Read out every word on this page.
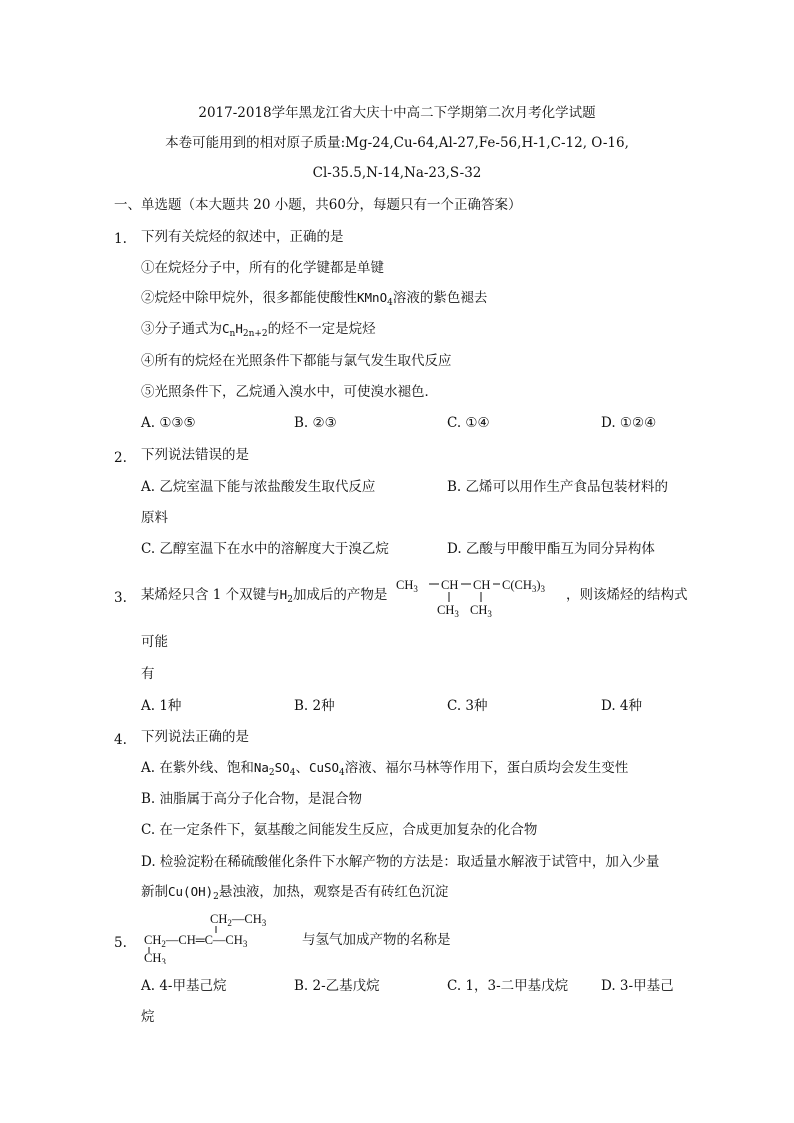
2017-2018学年黑龙江省大庆十中高二下学期第二次月考化学试题
本卷可能用到的相对原子质量:Mg-24,Cu-64,Al-27,Fe-56,H-1,C-12, O-16,
Cl-35.5,N-14,Na-23,S-32
一、单选题（本大题共 20 小题，共60分，每题只有一个正确答案）
1. 下列有关烷烃的叙述中，正确的是
①在烷烃分子中，所有的化学键都是单键
②烷烃中除甲烷外，很多都能使酸性KMnO$_4$溶液的紫色褪去
③分子通式为$C_nH_{2n+2}$的烃不一定是烷烃
④所有的烷烃在光照条件下都能与氯气发生取代反应
⑤光照条件下，乙烷通入溴水中，可使溴水褪色．
A. ①③⑤	B. ②③	C. ①④	D. ①②④
2. 下列说法错误的是
A. 乙烷室温下能与浓盐酸发生取代反应	B. 乙烯可以用作生产食品包装材料的
原料
C. 乙醇室温下在水中的溶解度大于溴乙烷	D. 乙酸与甲酸甲酯互为同分异构体
3. 某烯烃只含 1 个双键与$H_2$加成后的产物是
$CH_3$ CH CH $C(CH_3)_3$
$CH_3$ $CH_3$
，则该烯烃的结构式
可能
有
A. 1种	B. 2种	C. 3种	D. 4种
4. 下列说法正确的是
A. 在紫外线、饱和$Na_2SO_4$、CuSO$_4$溶液、福尔马林等作用下，蛋白质均会发生变性
B. 油脂属于高分子化合物，是混合物
C. 在一定条件下，氨基酸之间能发生反应，合成更加复杂的化合物
D. 检验淀粉在稀硫酸催化条件下水解产物的方法是：取适量水解液于试管中，加入少量
新制$Cu(OH)_2$悬浊液，加热，观察是否有砖红色沉淀
5.
$CH_2—CH_3$
$CH_2—CH═C—CH_3$
$CH_3$
与氢气加成产物的名称是
A. 4-甲基己烷	B. 2-乙基戊烷	C. 1，3-二甲基戊烷 D. 3-甲基己
烷
